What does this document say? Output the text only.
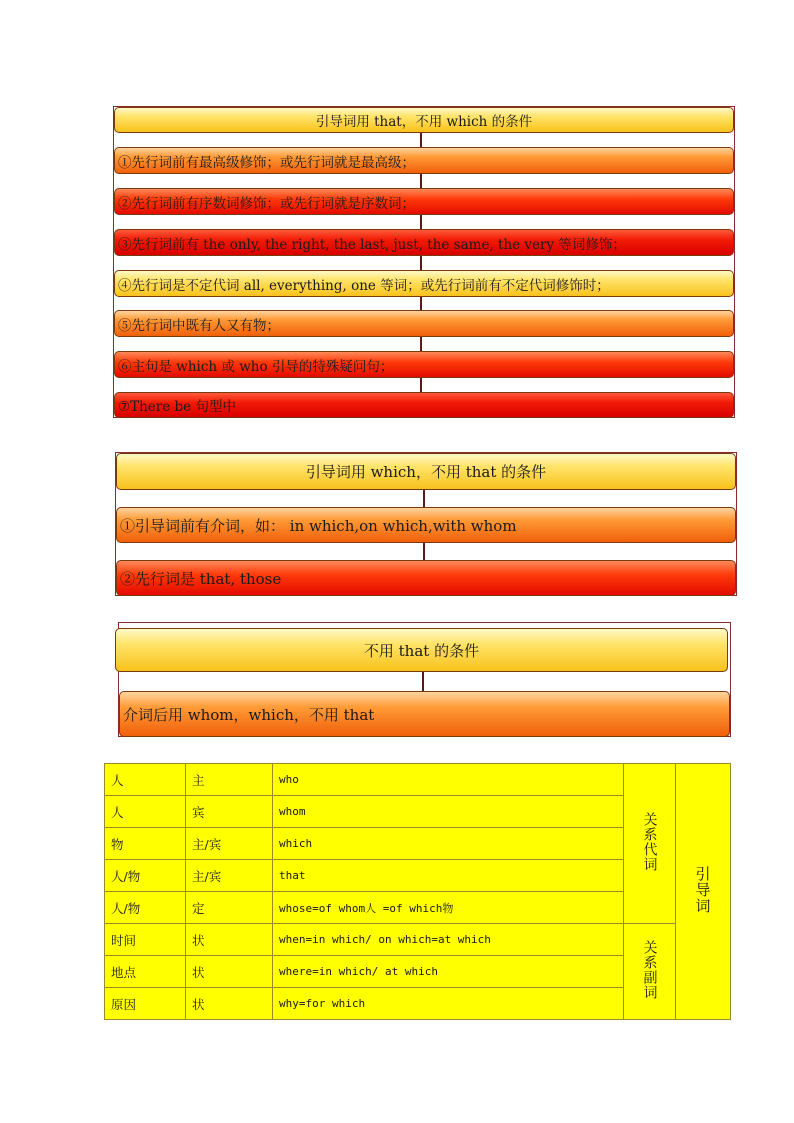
引导词用 that，不用 which 的条件
①先行词前有最高级修饰；或先行词就是最高级；
②先行词前有序数词修饰；或先行词就是序数词；
③先行词前有 the only, the right, the last, just, the same, the very 等词修饰；
④先行词是不定代词 all, everything, one 等词；或先行词前有不定代词修饰时；
⑤先行词中既有人又有物；
⑥主句是 which 或 who 引导的特殊疑问句；
⑦There be 句型中
引导词用 which，不用 that 的条件
①引导词前有介词，如： in which,on which,with whom
②先行词是 that, those
不用 that 的条件
介词后用 whom，which，不用 that
人	主	who	关系代词	引导词
人	宾	whom		
物	主/宾	which		
人/物	主/宾	that		
人/物	定	whose=of whom人 =of which物		
时间	状	when=in which/ on which=at which	关系副词	
地点	状	where=in which/ at which		
原因	状	why=for which		
